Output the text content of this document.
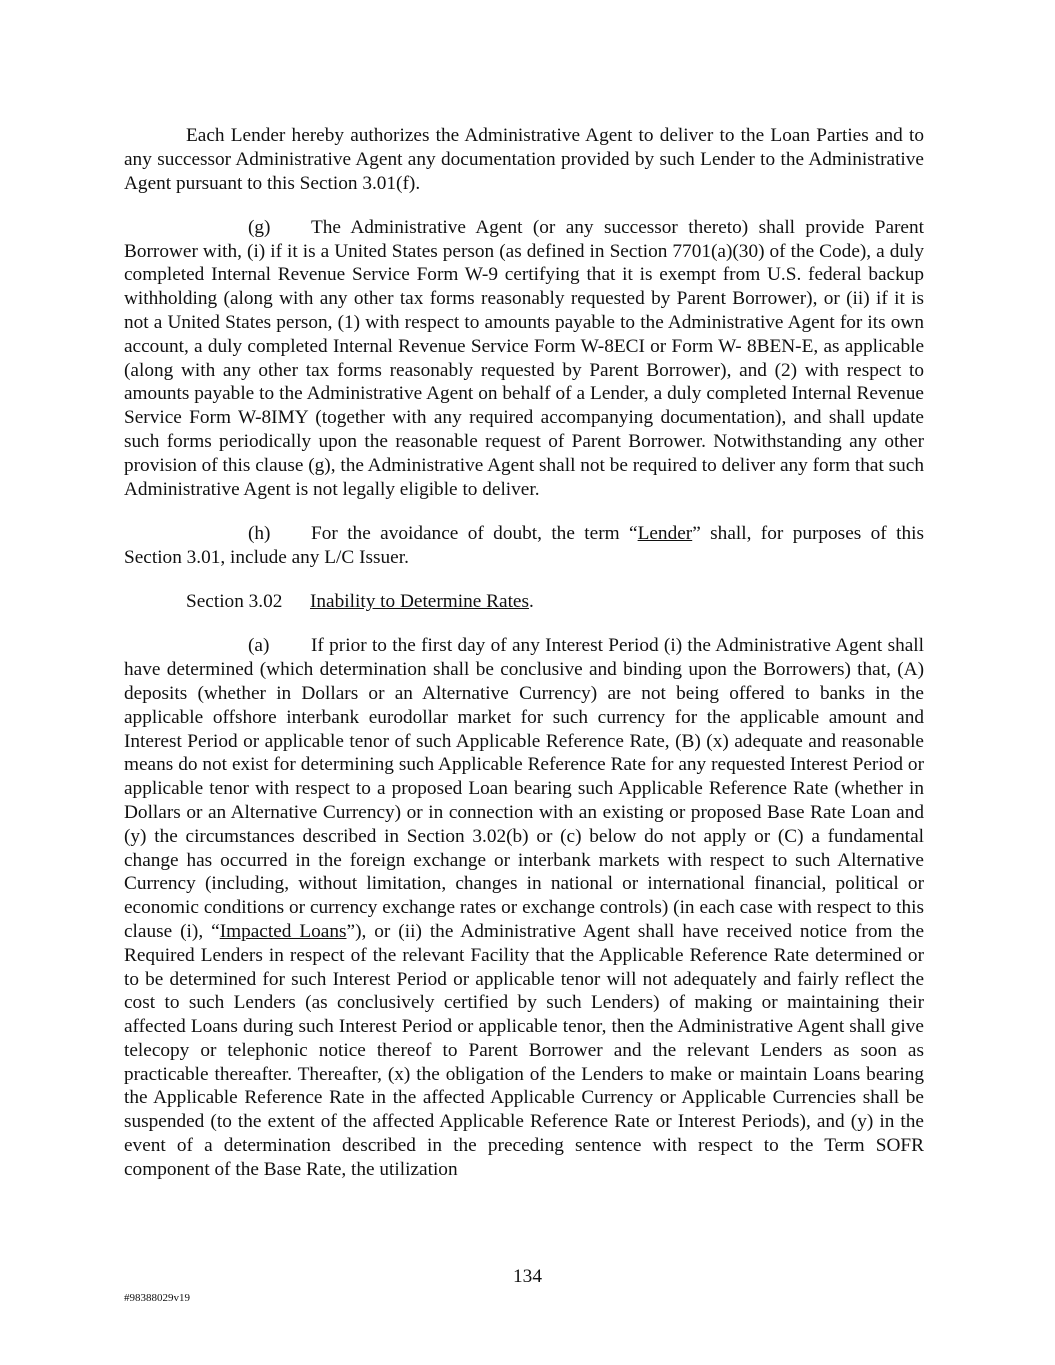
Each Lender hereby authorizes the Administrative Agent to deliver to the Loan Parties and to any successor Administrative Agent any documentation provided by such Lender to the Administrative Agent pursuant to this Section 3.01(f).

(g) The Administrative Agent (or any successor thereto) shall provide Parent Borrower with, (i) if it is a United States person (as defined in Section 7701(a)(30) of the Code), a duly completed Internal Revenue Service Form W-9 certifying that it is exempt from U.S. federal backup withholding (along with any other tax forms reasonably requested by Parent Borrower), or (ii) if it is not a United States person, (1) with respect to amounts payable to the Administrative Agent for its own account, a duly completed Internal Revenue Service Form W-8ECI or Form W- 8BEN-E, as applicable (along with any other tax forms reasonably requested by Parent Borrower), and (2) with respect to amounts payable to the Administrative Agent on behalf of a Lender, a duly completed Internal Revenue Service Form W-8IMY (together with any required accompanying documentation), and shall update such forms periodically upon the reasonable request of Parent Borrower. Notwithstanding any other provision of this clause (g), the Administrative Agent shall not be required to deliver any form that such Administrative Agent is not legally eligible to deliver.

(h) For the avoidance of doubt, the term “Lender” shall, for purposes of this Section 3.01, include any L/C Issuer.

Section 3.02 Inability to Determine Rates.

(a) If prior to the first day of any Interest Period (i) the Administrative Agent shall have determined (which determination shall be conclusive and binding upon the Borrowers) that, (A) deposits (whether in Dollars or an Alternative Currency) are not being offered to banks in the applicable offshore interbank eurodollar market for such currency for the applicable amount and Interest Period or applicable tenor of such Applicable Reference Rate, (B) (x) adequate and reasonable means do not exist for determining such Applicable Reference Rate for any requested Interest Period or applicable tenor with respect to a proposed Loan bearing such Applicable Reference Rate (whether in Dollars or an Alternative Currency) or in connection with an existing or proposed Base Rate Loan and (y) the circumstances described in Section 3.02(b) or (c) below do not apply or (C) a fundamental change has occurred in the foreign exchange or interbank markets with respect to such Alternative Currency (including, without limitation, changes in national or international financial, political or economic conditions or currency exchange rates or exchange controls) (in each case with respect to this clause (i), “Impacted Loans”), or (ii) the Administrative Agent shall have received notice from the Required Lenders in respect of the relevant Facility that the Applicable Reference Rate determined or to be determined for such Interest Period or applicable tenor will not adequately and fairly reflect the cost to such Lenders (as conclusively certified by such Lenders) of making or maintaining their affected Loans during such Interest Period or applicable tenor, then the Administrative Agent shall give telecopy or telephonic notice thereof to Parent Borrower and the relevant Lenders as soon as practicable thereafter. Thereafter, (x) the obligation of the Lenders to make or maintain Loans bearing the Applicable Reference Rate in the affected Applicable Currency or Applicable Currencies shall be suspended (to the extent of the affected Applicable Reference Rate or Interest Periods), and (y) in the event of a determination described in the preceding sentence with respect to the Term SOFR component of the Base Rate, the utilization

134
#98388029v19
